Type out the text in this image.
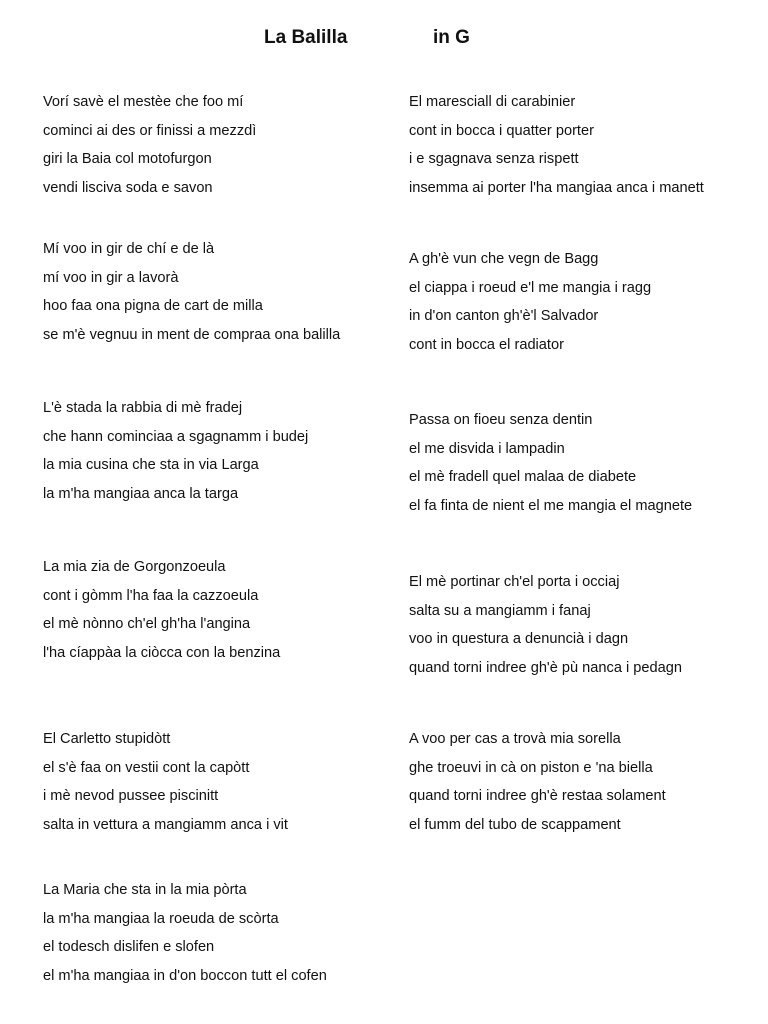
La Balilla	in G
Vorí savè el mestèe che foo mí
cominci ai des or finissi a mezzdì
giri la Baia col motofurgon
vendi lisciva soda e savon
Mí voo in gir de chí e de là
mí voo in gir a lavorà
hoo faa ona pigna de cart de milla
se m'è vegnuu in ment de compraa ona balilla
L'è stada la rabbia di mè fradej
che hann cominciaa a sgagnamm i budej
la mia cusina che sta in via Larga
la m'ha mangiaa anca la targa
La mia zia de Gorgonzoeula
cont i gòmm l'ha faa la cazzoeula
el mè nònno ch'el gh'ha l'angina
l'ha cíappàa la ciòcca con la benzina
El Carletto stupidòtt
el s'è faa on vestii cont la capòtt
i mè nevod pussee piscinitt
salta in vettura a mangiamm anca i vit
La Maria che sta in la mia pòrta
la m'ha mangiaa la roeuda de scòrta
el todesch dislifen e slofen
el m'ha mangiaa in d'on boccon tutt el cofen
El maresciall di carabinier
cont in bocca i quatter porter
i e sgagnava senza rispett
insemma ai porter l'ha mangiaa anca i manett
A gh'è vun che vegn de Bagg
el ciappa i roeud e'l me mangia i ragg
in d'on canton gh'è'l Salvador
cont in bocca el radiator
Passa on fioeu senza dentin
el me disvida i lampadin
el mè fradell quel malaa de diabete
el fa finta de nient el me mangia el magnete
El mè portinar ch'el porta i occiaj
salta su a mangiamm i fanaj
voo in questura a denuncià i dagn
quand torni indree gh'è pù nanca i pedagn
A voo per cas a trovà mia sorella
ghe troeuvi in cà on piston e 'na biella
quand torni indree gh'è restaa solament
el fumm del tubo de scappament
